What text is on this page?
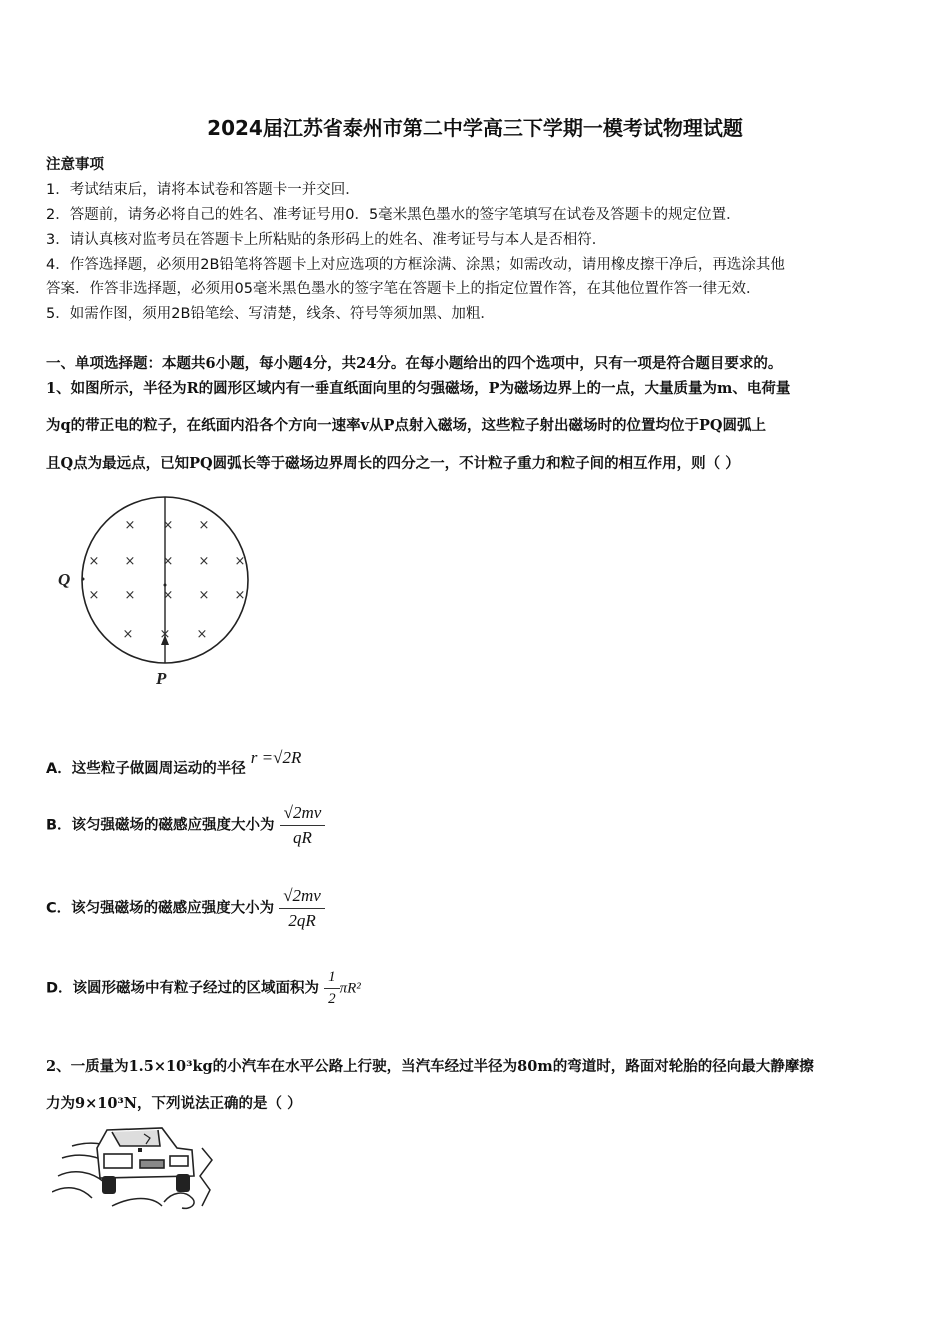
2024届江苏省泰州市第二中学高三下学期一模考试物理试题
注意事项
1．考试结束后，请将本试卷和答题卡一并交回．
2．答题前，请务必将自己的姓名、准考证号用0．5毫米黑色墨水的签字笔填写在试卷及答题卡的规定位置．
3．请认真核对监考员在答题卡上所粘贴的条形码上的姓名、准考证号与本人是否相符．
4．作答选择题，必须用2B铅笔将答题卡上对应选项的方框涂满、涂黑；如需改动，请用橡皮擦干净后，再选涂其他
答案．作答非选择题，必须用05毫米黑色墨水的签字笔在答题卡上的指定位置作答，在其他位置作答一律无效．
5．如需作图，须用2B铅笔绘、写清楚，线条、符号等须加黑、加粗．
一、单项选择题：本题共6小题，每小题4分，共24分。在每小题给出的四个选项中，只有一项是符合题目要求的。
1、如图所示，半径为R的圆形区域内有一垂直纸面向里的匀强磁场，P为磁场边界上的一点，大量质量为m、电荷量
为q的带正电的粒子，在纸面内沿各个方向一速率v从P点射入磁场，这些粒子射出磁场时的位置均位于PQ圆弧上
且Q点为最远点，已知PQ圆弧长等于磁场边界周长的四分之一，不计粒子重力和粒子间的相互作用，则（ ）
× × ×
× × × × ×
× × × × ×
× × ×
Q
P
A．这些粒子做圆周运动的半径 r =√2R
B．该匀强磁场的磁感应强度大小为 $\frac{√2mv}{qR}$
C．该匀强磁场的磁感应强度大小为 $\frac{√2mv}{2qR}$
D．该圆形磁场中有粒子经过的区域面积为 $\frac{1}{2} \pi R^2$
2、一质量为1.5×10³kg的小汽车在水平公路上行驶，当汽车经过半径为80m的弯道时，路面对轮胎的径向最大静摩擦
力为9×10³N，下列说法正确的是（ ）
